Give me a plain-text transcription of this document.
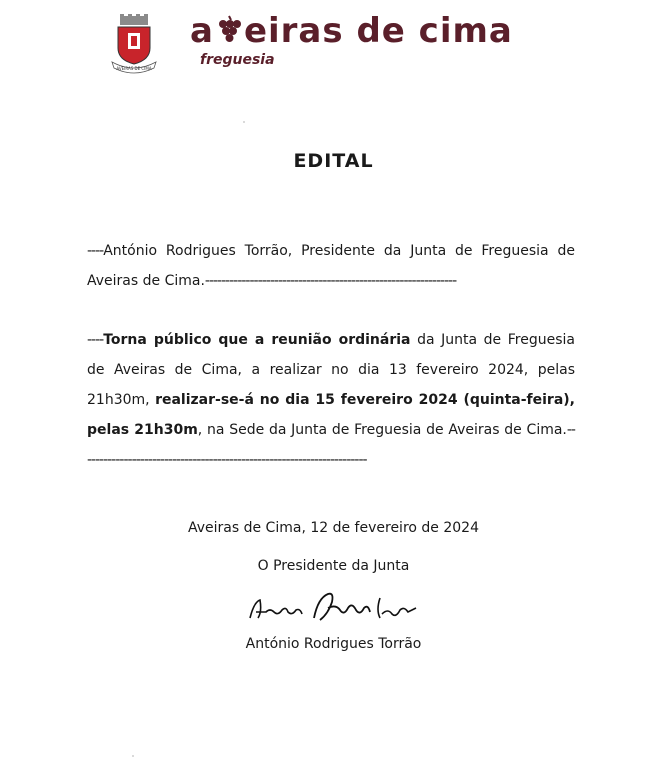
AVEIRAS DE CIMA
a eiras de cima
freguesia
EDITAL
----António Rodrigues Torrão, Presidente da Junta de Freguesia de Aveiras de Cima.--------------------------------------------------------------
----Torna público que a reunião ordinária da Junta de Freguesia de Aveiras de Cima, a realizar no dia 13 fevereiro 2024, pelas 21h30m, realizar-se-á no dia 15 fevereiro 2024 (quinta-feira), pelas 21h30m, na Sede da Junta de Freguesia de Aveiras de Cima.-----------------------------------------------------------------------
Aveiras de Cima, 12 de fevereiro de 2024
O Presidente da Junta
António Rodrigues Torrão
